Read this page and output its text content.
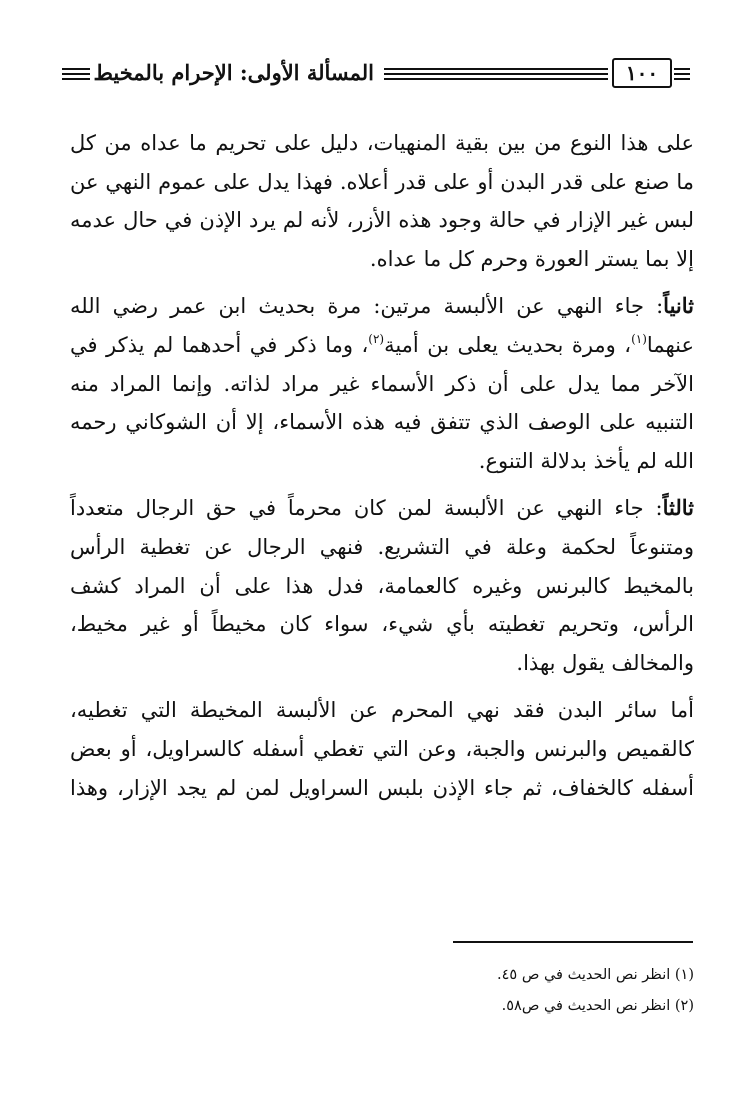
المسألة الأولى: الإحرام بالمخيط	١٠٠

على هذا النوع من بين بقية المنهيات، دليل على تحريم ما عداه من كل ما صنع على قدر البدن أو على قدر أعلاه. فهذا يدل على عموم النهي عن لبس غير الإزار في حالة وجود هذه الأزر، لأنه لم يرد الإذن في حال عدمه إلا بما يستر العورة وحرم كل ما عداه.

ثانياً: جاء النهي عن الألبسة مرتين: مرة بحديث ابن عمر رضي الله عنهما$^{(١)}$، ومرة بحديث يعلى بن أمية$^{(٢)}$، وما ذكر في أحدهما لم يذكر في الآخر مما يدل على أن ذكر الأسماء غير مراد لذاته. وإنما المراد منه التنبيه على الوصف الذي تتفق فيه هذه الأسماء، إلا أن الشوكاني رحمه الله لم يأخذ بدلالة التنوع.

ثالثاً: جاء النهي عن الألبسة لمن كان محرماً في حق الرجال متعدداً ومتنوعاً لحكمة وعلة في التشريع. فنهي الرجال عن تغطية الرأس بالمخيط كالبرنس وغيره كالعمامة، فدل هذا على أن المراد كشف الرأس، وتحريم تغطيته بأي شيء، سواء كان مخيطاً أو غير مخيط، والمخالف يقول بهذا.

أما سائر البدن فقد نهي المحرم عن الألبسة المخيطة التي تغطيه، كالقميص والبرنس والجبة، وعن التي تغطي أسفله كالسراويل، أو بعض أسفله كالخفاف، ثم جاء الإذن بلبس السراويل لمن لم يجد الإزار، وهذا

(١) انظر نص الحديث في ص ٤٥.

(٢) انظر نص الحديث في ص٥٨.
